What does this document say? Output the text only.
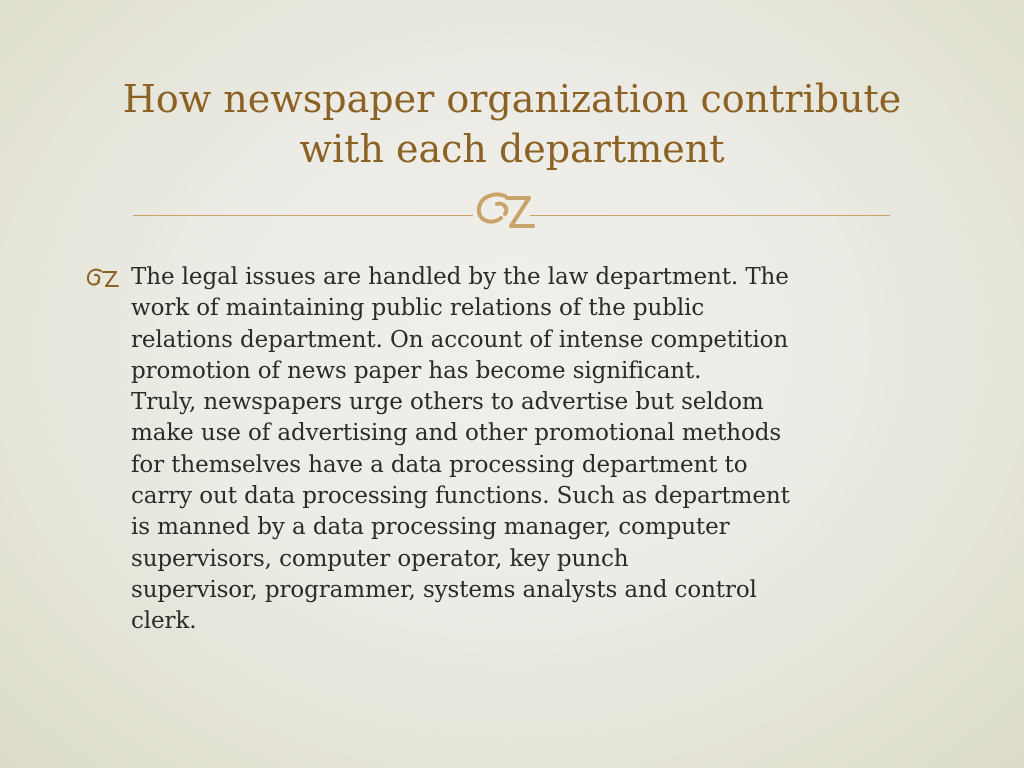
How newspaper organization contribute
with each department

The legal issues are handled by the law department. The
work of maintaining public relations of the public
relations department. On account of intense competition
promotion of news paper has become significant.
Truly, newspapers urge others to advertise but seldom
make use of advertising and other promotional methods
for themselves have a data processing department to
carry out data processing functions. Such as department
is manned by a data processing manager, computer
supervisors, computer operator, key punch
supervisor, programmer, systems analysts and control
clerk.
